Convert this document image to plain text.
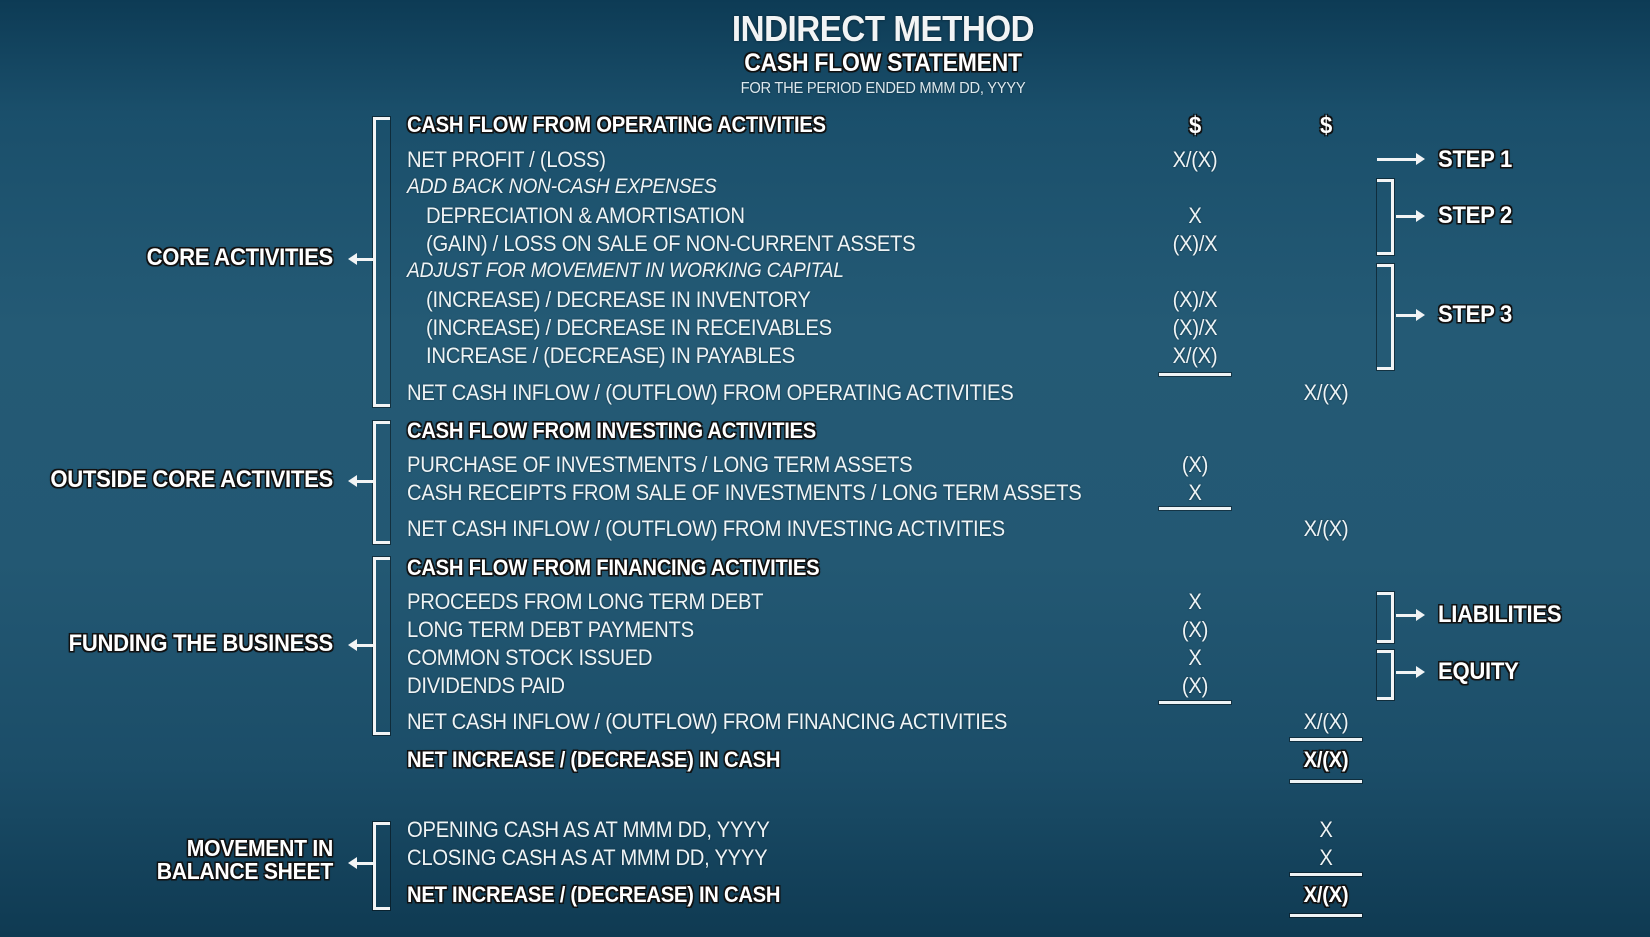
INDIRECT METHOD
CASH FLOW STATEMENT
FOR THE PERIOD ENDED MMM DD, YYYY
$	$
CORE ACTIVITIES
CASH FLOW FROM OPERATING ACTIVITIES
NET PROFIT / (LOSS)
ADD BACK NON-CASH EXPENSES
DEPRECIATION & AMORTISATION
(GAIN) / LOSS ON SALE OF NON-CURRENT ASSETS
ADJUST FOR MOVEMENT IN WORKING CAPITAL
(INCREASE) / DECREASE IN INVENTORY
(INCREASE) / DECREASE IN RECEIVABLES
INCREASE / (DECREASE) IN PAYABLES
NET CASH INFLOW / (OUTFLOW) FROM OPERATING ACTIVITIES
X/(X)
X
(X)/X
(X)/X
(X)/X
X/(X)
X/(X)
STEP 1
STEP 2
STEP 3
OUTSIDE CORE ACTIVITES
CASH FLOW FROM INVESTING ACTIVITIES
PURCHASE OF INVESTMENTS / LONG TERM ASSETS
CASH RECEIPTS FROM SALE OF INVESTMENTS / LONG TERM ASSETS
NET CASH INFLOW / (OUTFLOW) FROM INVESTING ACTIVITIES
(X)
X
X/(X)
FUNDING THE BUSINESS
CASH FLOW FROM FINANCING ACTIVITIES
PROCEEDS FROM LONG TERM DEBT
LONG TERM DEBT PAYMENTS
COMMON STOCK ISSUED
DIVIDENDS PAID
NET CASH INFLOW / (OUTFLOW) FROM FINANCING ACTIVITIES
X
(X)
X
(X)
X/(X)
LIABILITIES
EQUITY
NET INCREASE / (DECREASE) IN CASH	X/(X)
MOVEMENT IN
BALANCE SHEET
OPENING CASH AS AT MMM DD, YYYY
CLOSING CASH AS AT MMM DD, YYYY
NET INCREASE / (DECREASE) IN CASH
X
X
X/(X)
